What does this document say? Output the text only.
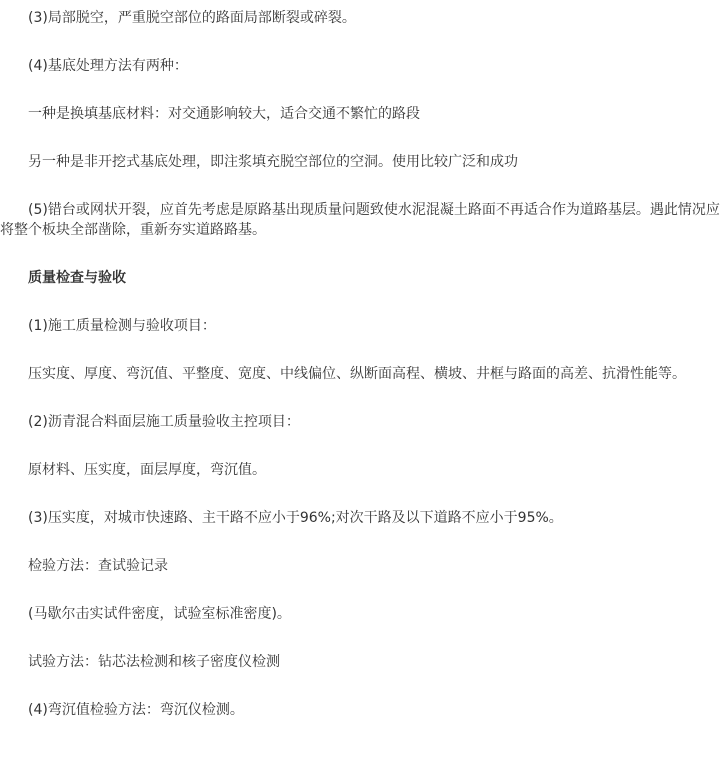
(3)局部脱空，严重脱空部位的路面局部断裂或碎裂。

(4)基底处理方法有两种：

一种是换填基底材料：对交通影响较大，适合交通不繁忙的路段

另一种是非开挖式基底处理，即注浆填充脱空部位的空洞。使用比较广泛和成功

(5)错台或网状开裂，应首先考虑是原路基出现质量问题致使水泥混凝土路面不再适合作为道路基层。遇此情况应将整个板块全部凿除，重新夯实道路路基。

质量检查与验收

(1)施工质量检测与验收项目：

压实度、厚度、弯沉值、平整度、宽度、中线偏位、纵断面高程、横坡、井框与路面的高差、抗滑性能等。

(2)沥青混合料面层施工质量验收主控项目：

原材料、压实度，面层厚度，弯沉值。

(3)压实度，对城市快速路、主干路不应小于96%;对次干路及以下道路不应小于95%。

检验方法：查试验记录

(马歇尔击实试件密度，试验室标准密度)。

试验方法：钻芯法检测和核子密度仪检测

(4)弯沉值检验方法：弯沉仪检测。
